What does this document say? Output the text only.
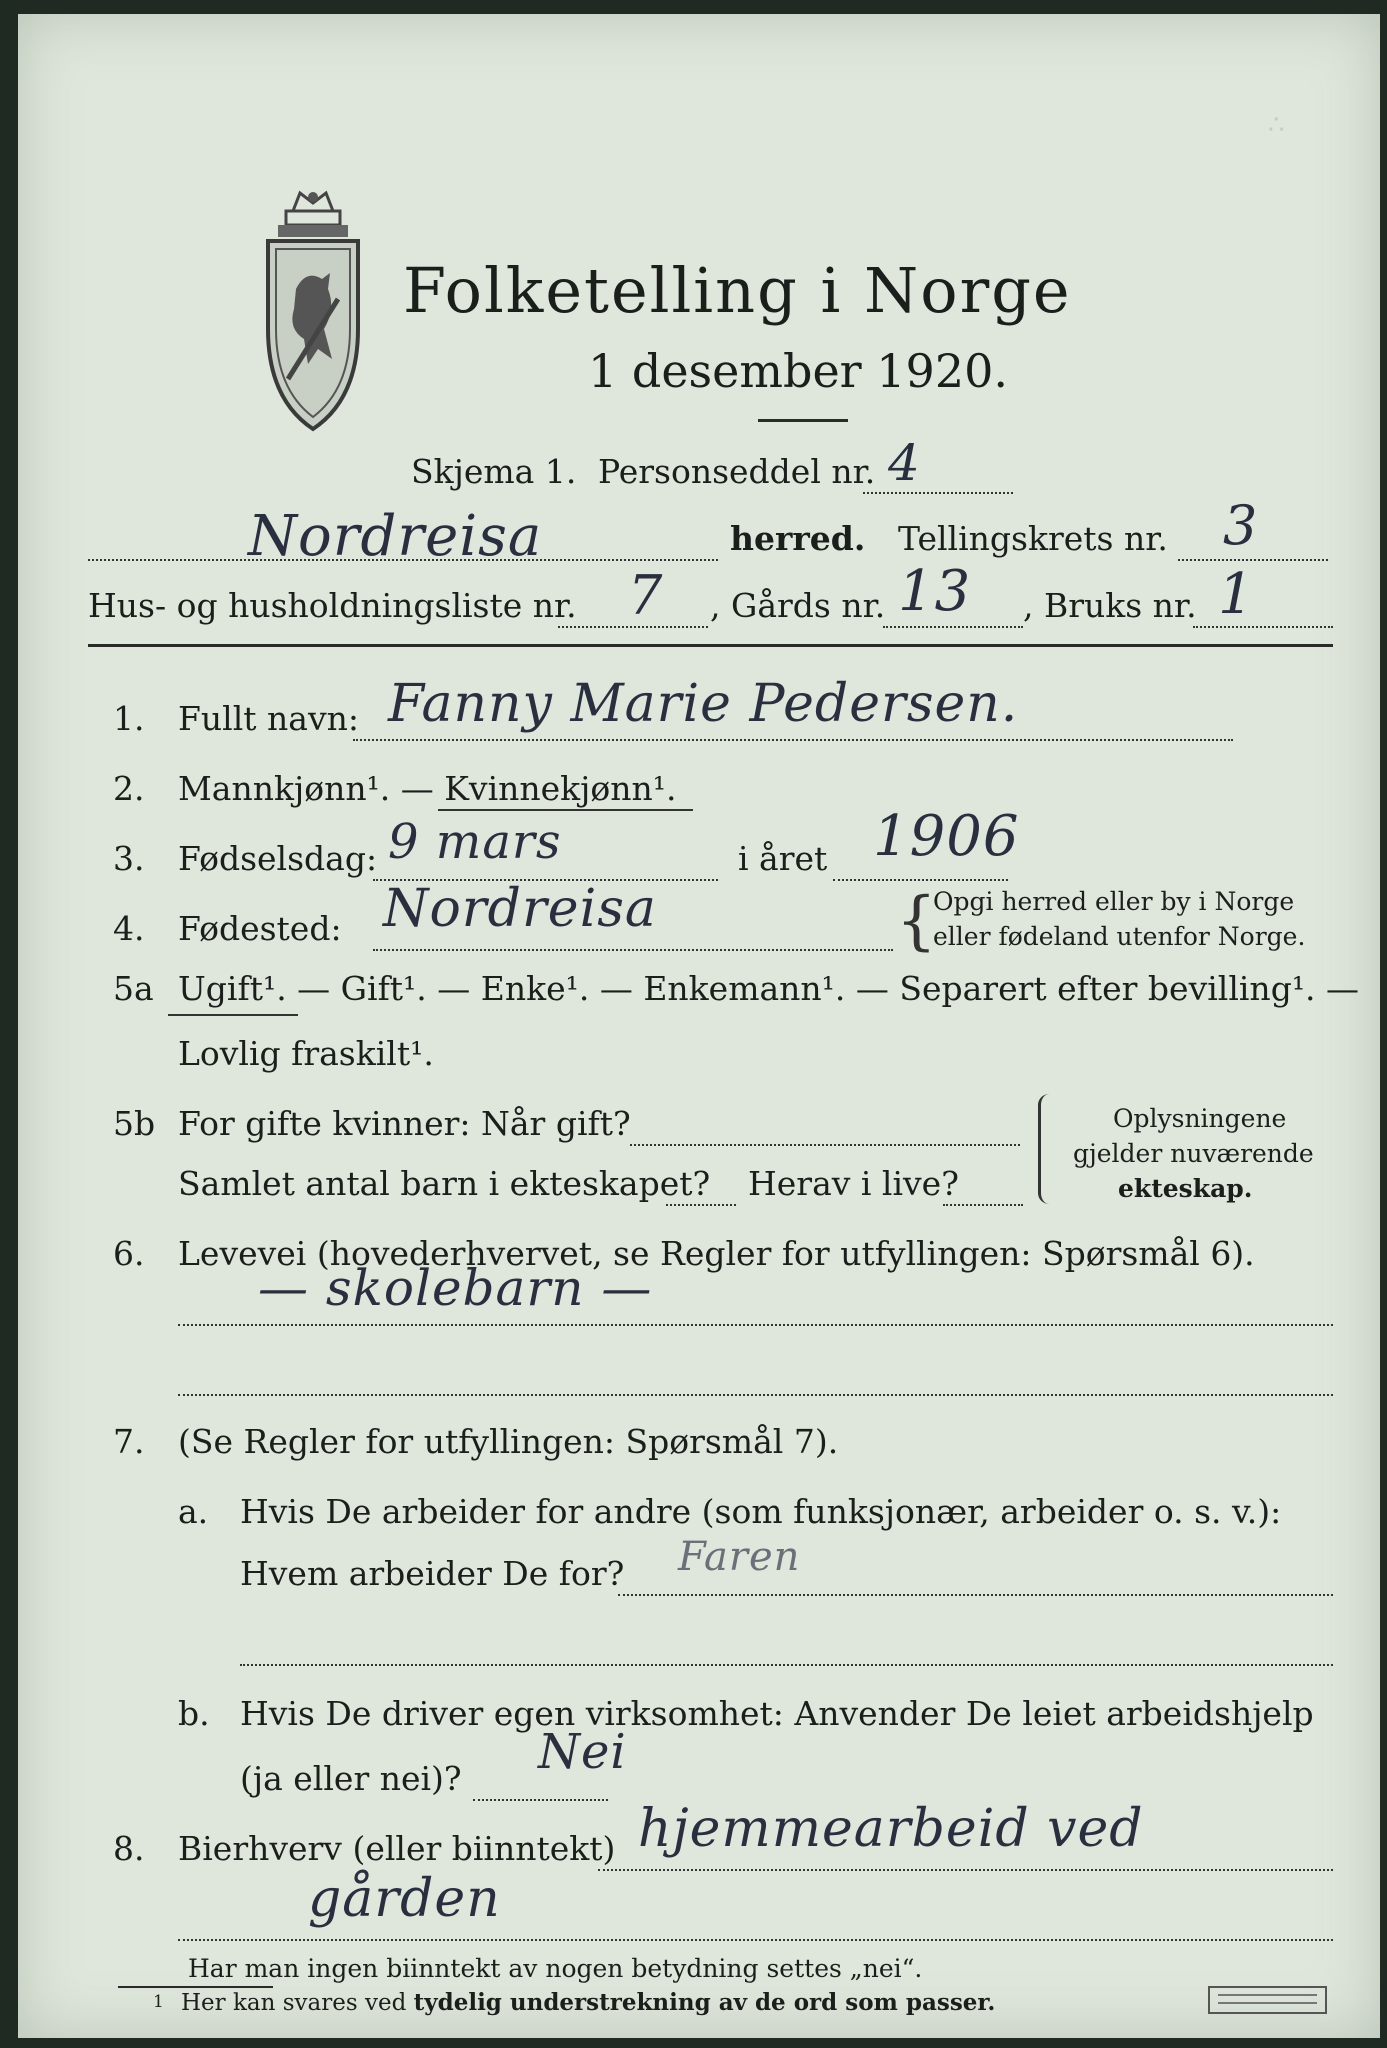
∴
Folketelling i Norge
1 desember 1920.
Skjema 1. Personseddel nr. 4
Nordreisa	herred. Tellingskrets nr. 3
Hus- og husholdningsliste nr. 7 , Gårds nr. 13 , Bruks nr. 1
1. Fullt navn: Fanny Marie Pedersen.
2. Mannkjønn¹. — Kvinnekjønn¹.
3. Fødselsdag: 9 mars	i året 1906
4. Fødested: Nordreisa	{
Opgi herred eller by i Norge
eller fødeland utenfor Norge.
5a Ugift¹. — Gift¹. — Enke¹. — Enkemann¹. — Separert efter bevilling¹. —
Lovlig fraskilt¹.
5b For gifte kvinner: Når gift?
Samlet antal barn i ekteskapet? Herav i live?
Oplysningene
gjelder nuværende
ekteskap.
6. Levevei (hovederhvervet, se Regler for utfyllingen: Spørsmål 6).
— skolebarn —
7. (Se Regler for utfyllingen: Spørsmål 7).
a. Hvis De arbeider for andre (som funksjonær, arbeider o. s. v.):
Hvem arbeider De for? Faren
b. Hvis De driver egen virksomhet: Anvender De leiet arbeidshjelp
(ja eller nei)? Nei
8. Bierhverv (eller biinntekt) hjemmearbeid ved
gården
Har man ingen biinntekt av nogen betydning settes „nei“.
1 Her kan svares ved tydelig understrekning av de ord som passer.
